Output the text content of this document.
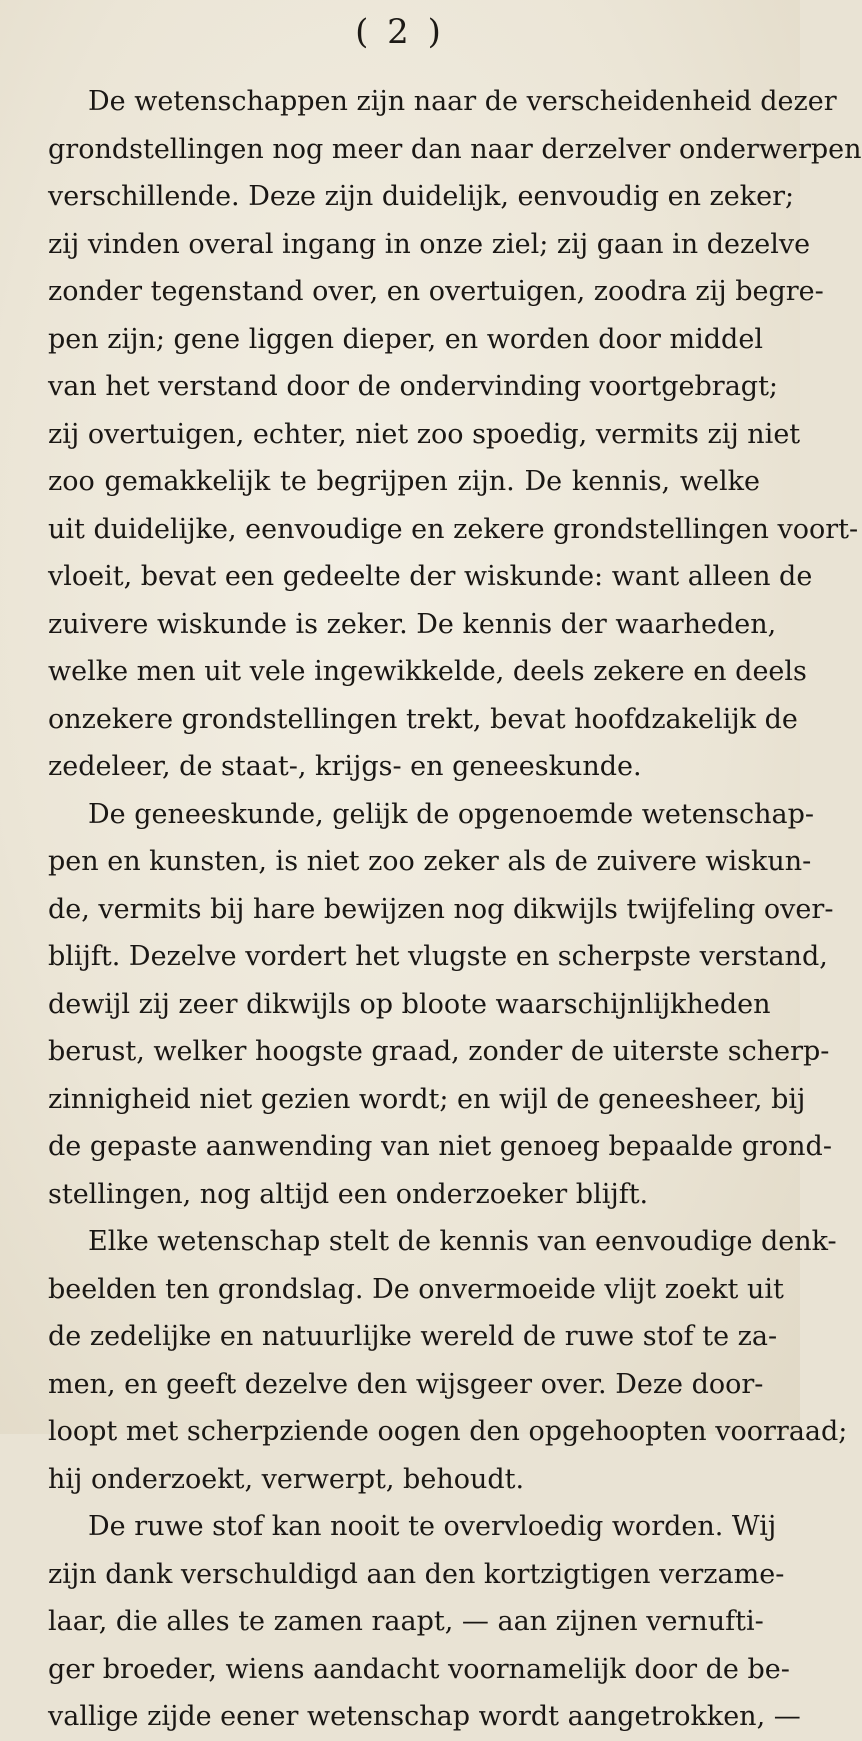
( 2 )
De wetenschappen zijn naar de verscheidenheid dezer
grondstellingen nog meer dan naar derzelver onderwerpen
verschillende. Deze zijn duidelijk, eenvoudig en zeker;
zij vinden overal ingang in onze ziel; zij gaan in dezelve
zonder tegenstand over, en overtuigen, zoodra zij begre-
pen zijn; gene liggen dieper, en worden door middel
van het verstand door de ondervinding voortgebragt;
zij overtuigen, echter, niet zoo spoedig, vermits zij niet
zoo gemakkelijk te begrijpen zijn. De kennis, welke
uit duidelijke, eenvoudige en zekere grondstellingen voort-
vloeit, bevat een gedeelte der wiskunde: want alleen de
zuivere wiskunde is zeker. De kennis der waarheden,
welke men uit vele ingewikkelde, deels zekere en deels
onzekere grondstellingen trekt, bevat hoofdzakelijk de
zedeleer, de staat-, krijgs- en geneeskunde.
De geneeskunde, gelijk de opgenoemde wetenschap-
pen en kunsten, is niet zoo zeker als de zuivere wiskun-
de, vermits bij hare bewijzen nog dikwijls twijfeling over-
blijft. Dezelve vordert het vlugste en scherpste verstand,
dewijl zij zeer dikwijls op bloote waarschijnlijkheden
berust, welker hoogste graad, zonder de uiterste scherp-
zinnigheid niet gezien wordt; en wijl de geneesheer, bij
de gepaste aanwending van niet genoeg bepaalde grond-
stellingen, nog altijd een onderzoeker blijft.
Elke wetenschap stelt de kennis van eenvoudige denk-
beelden ten grondslag. De onvermoeide vlijt zoekt uit
de zedelijke en natuurlijke wereld de ruwe stof te za-
men, en geeft dezelve den wijsgeer over. Deze door-
loopt met scherpziende oogen den opgehoopten voorraad;
hij onderzoekt, verwerpt, behoudt.
De ruwe stof kan nooit te overvloedig worden. Wij
zijn dank verschuldigd aan den kortzigtigen verzame-
laar, die alles te zamen raapt, — aan zijnen vernufti-
ger broeder, wiens aandacht voornamelijk door de be-
vallige zijde eener wetenschap wordt aangetrokken, —
